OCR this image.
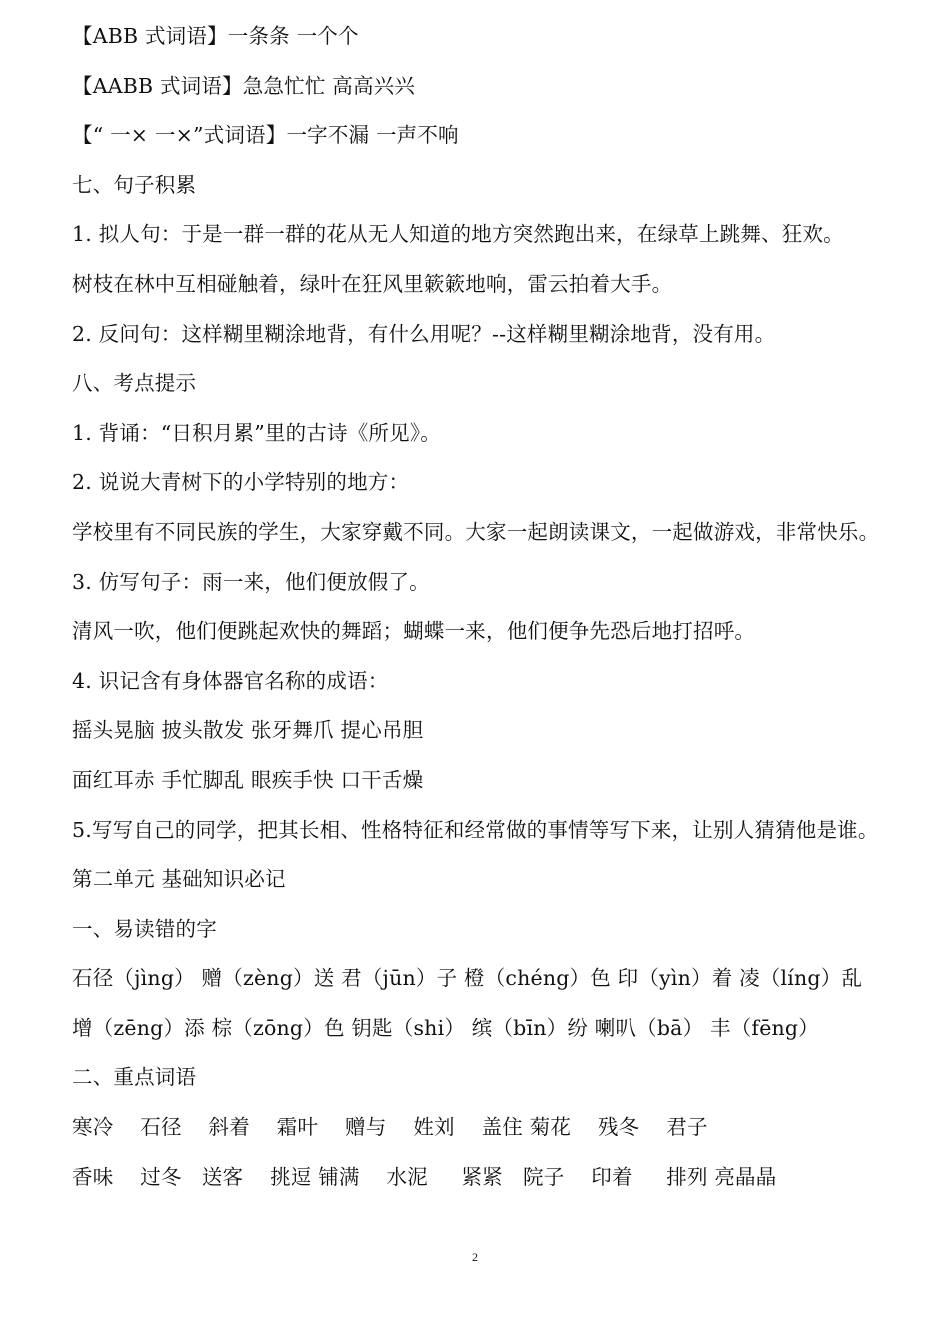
【ABB 式词语】一条条 一个个
【AABB 式词语】急急忙忙 高高兴兴
【“ 一× 一×”式词语】一字不漏 一声不响
七、句子积累
1. 拟人句：于是一群一群的花从无人知道的地方突然跑出来，在绿草上跳舞、狂欢。
树枝在林中互相碰触着，绿叶在狂风里簌簌地响，雷云拍着大手。
2. 反问句：这样糊里糊涂地背，有什么用呢？--这样糊里糊涂地背，没有用。
八、考点提示
1. 背诵：“日积月累”里的古诗《所见》。
2. 说说大青树下的小学特别的地方：
学校里有不同民族的学生，大家穿戴不同。大家一起朗读课文，一起做游戏，非常快乐。
3. 仿写句子：雨一来，他们便放假了。
清风一吹，他们便跳起欢快的舞蹈；蝴蝶一来，他们便争先恐后地打招呼。
4. 识记含有身体器官名称的成语：
摇头晃脑 披头散发 张牙舞爪 提心吊胆
面红耳赤 手忙脚乱 眼疾手快 口干舌燥
5.写写自己的同学，把其长相、性格特征和经常做的事情等写下来，让别人猜猜他是谁。
第二单元 基础知识必记
一、易读错的字
石径（jìng） 赠（zèng）送 君（jūn）子 橙（chéng）色 印（yìn）着 凌（líng）乱
增（zēng）添 棕（zōng）色 钥匙（shi） 缤（bīn）纷 喇叭（bā） 丰（fēng）
二、重点词语
寒冷    石径    斜着    霜叶    赠与    姓刘    盖住 菊花    残冬    君子
香味    过冬   送客    挑逗 铺满    水泥     紧紧   院子    印着     排列 亮晶晶
2
